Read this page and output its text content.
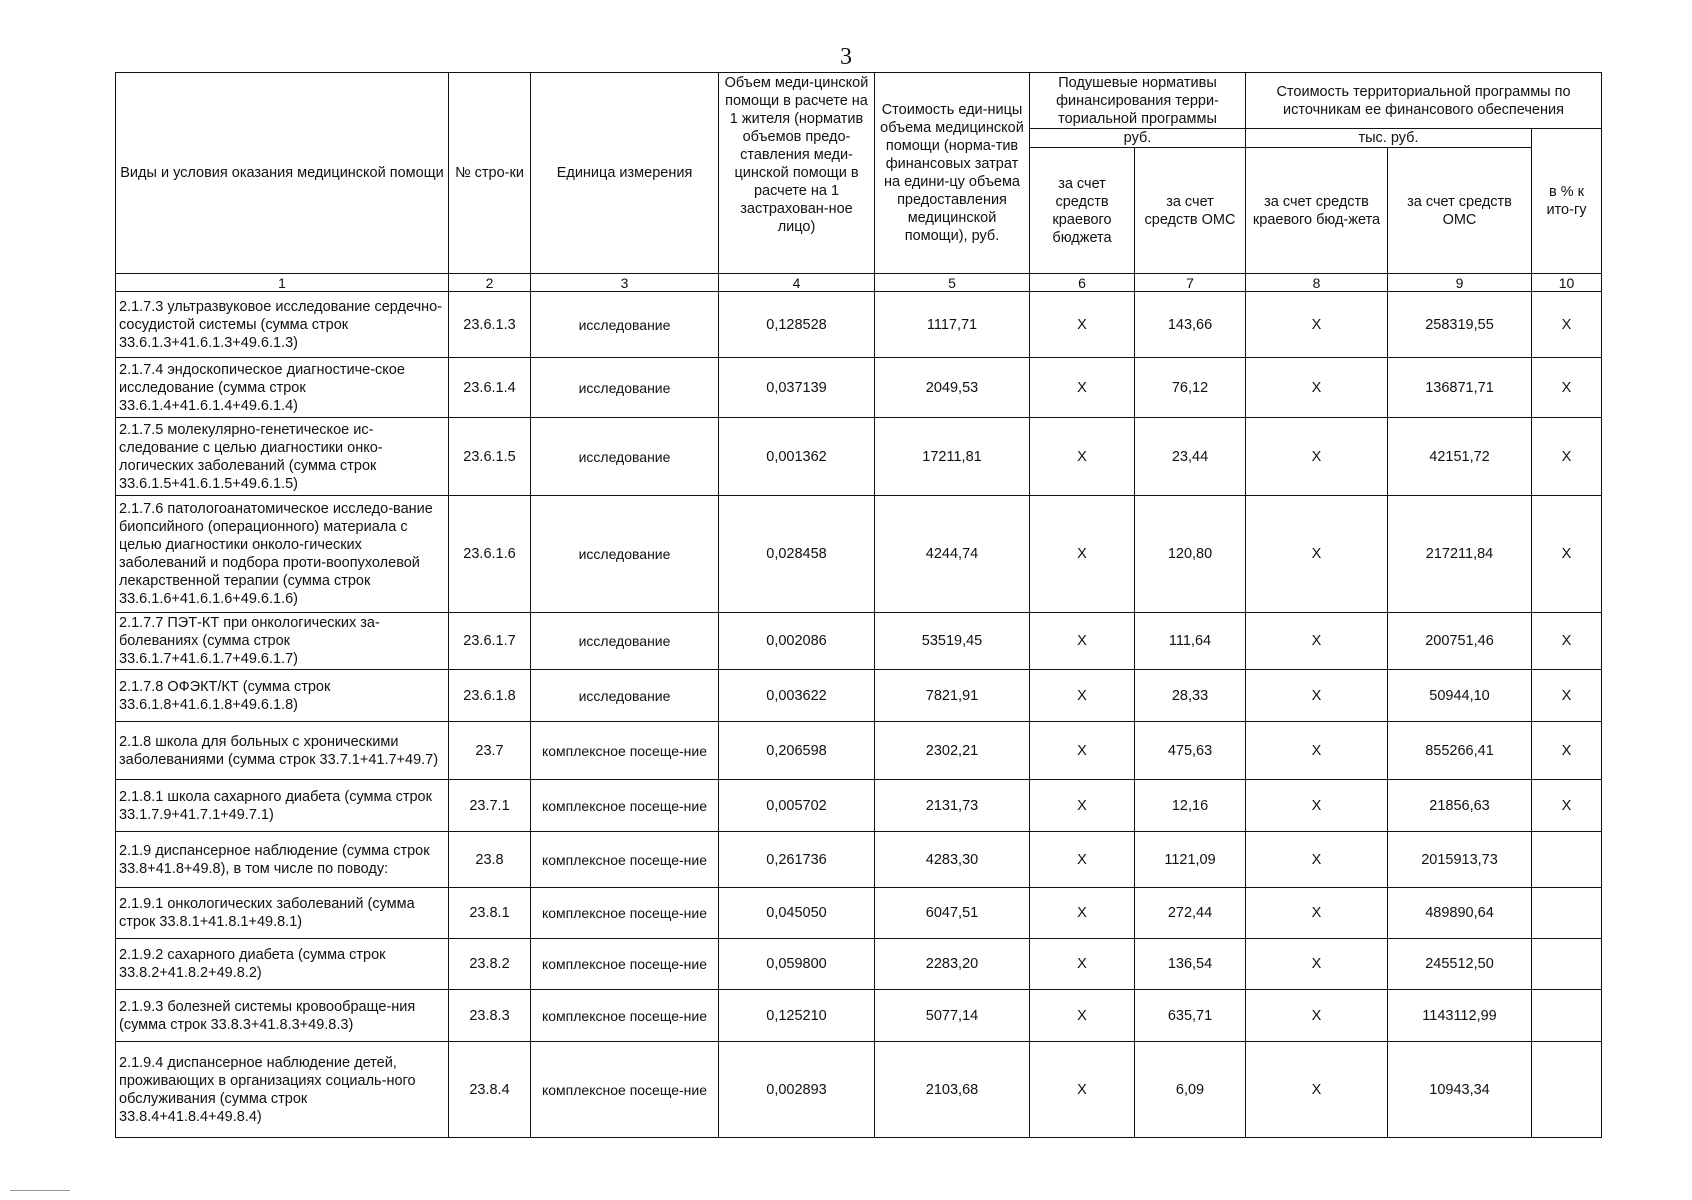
3
Виды и условия оказания медицинской помощи	№ стро-ки	Единица измерения	Объем меди-цинской помощи в расчете на 1 жителя (норматив объемов предо-ставления меди-цинской помощи в расчете на 1 застрахован-ное лицо)	Стоимость еди-ницы объема медицинской помощи (норма-тив финансовых затрат на едини-цу объема предоставления медицинской помощи), руб.	Подушевые нормативы финансирования терри-ториальной программы		Стоимость территориальной программы по источникам ее финансового обеспечения		
					руб.		тыс. руб.		в % к ито-гу
					за счет средств краевого бюджета	за счет средств ОМС	за счет средств краевого бюд-жета	за счет средств ОМС	
1	2	3	4	5	6	7	8	9	10
2.1.7.3 ультразвуковое исследование сердечно-сосудистой системы (сумма строк 33.6.1.3+41.6.1.3+49.6.1.3)	23.6.1.3	исследование	0,128528	1117,71	Х	143,66	Х	258319,55	Х
2.1.7.4 эндоскопическое диагностиче-ское исследование (сумма строк 33.6.1.4+41.6.1.4+49.6.1.4)	23.6.1.4	исследование	0,037139	2049,53	Х	76,12	Х	136871,71	Х
2.1.7.5 молекулярно-генетическое ис-следование с целью диагностики онко-логических заболеваний (сумма строк 33.6.1.5+41.6.1.5+49.6.1.5)	23.6.1.5	исследование	0,001362	17211,81	Х	23,44	Х	42151,72	Х
2.1.7.6 патологоанатомическое исследо-вание биопсийного (операционного) материала с целью диагностики онколо-гических заболеваний и подбора проти-воопухолевой лекарственной терапии (сумма строк 33.6.1.6+41.6.1.6+49.6.1.6)	23.6.1.6	исследование	0,028458	4244,74	Х	120,80	Х	217211,84	Х
2.1.7.7 ПЭТ-КТ при онкологических за-болеваниях (сумма строк 33.6.1.7+41.6.1.7+49.6.1.7)	23.6.1.7	исследование	0,002086	53519,45	Х	111,64	Х	200751,46	Х
2.1.7.8 ОФЭКТ/КТ (сумма строк 33.6.1.8+41.6.1.8+49.6.1.8)	23.6.1.8	исследование	0,003622	7821,91	Х	28,33	Х	50944,10	Х
2.1.8 школа для больных с хроническими заболеваниями (сумма строк 33.7.1+41.7+49.7)	23.7	комплексное посеще-ние	0,206598	2302,21	Х	475,63	Х	855266,41	Х
2.1.8.1 школа сахарного диабета (сумма строк 33.1.7.9+41.7.1+49.7.1)	23.7.1	комплексное посеще-ние	0,005702	2131,73	Х	12,16	Х	21856,63	Х
2.1.9 диспансерное наблюдение (сумма строк 33.8+41.8+49.8), в том числе по поводу:	23.8	комплексное посеще-ние	0,261736	4283,30	Х	1121,09	Х	2015913,73	
2.1.9.1 онкологических заболеваний (сумма строк 33.8.1+41.8.1+49.8.1)	23.8.1	комплексное посеще-ние	0,045050	6047,51	Х	272,44	Х	489890,64	
2.1.9.2 сахарного диабета (сумма строк 33.8.2+41.8.2+49.8.2)	23.8.2	комплексное посеще-ние	0,059800	2283,20	Х	136,54	Х	245512,50	
2.1.9.3 болезней системы кровообраще-ния (сумма строк 33.8.3+41.8.3+49.8.3)	23.8.3	комплексное посеще-ние	0,125210	5077,14	Х	635,71	Х	1143112,99	
2.1.9.4 диспансерное наблюдение детей, проживающих в организациях социаль-ного обслуживания (сумма строк 33.8.4+41.8.4+49.8.4)	23.8.4	комплексное посеще-ние	0,002893	2103,68	Х	6,09	Х	10943,34	
